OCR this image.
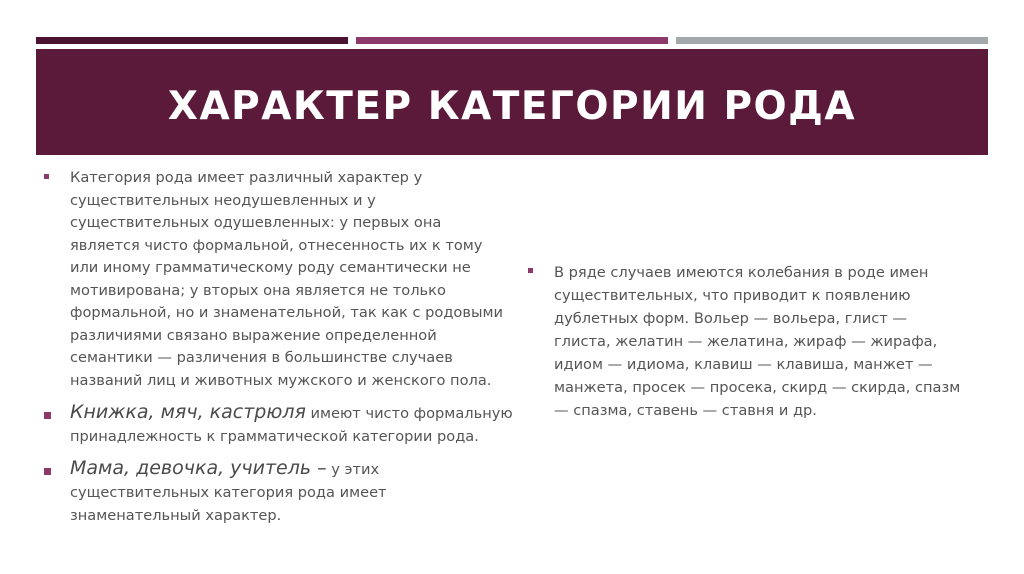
ХАРАКТЕР КАТЕГОРИИ РОДА
Категория рода имеет различный характер у существительных неодушевленных и у существительных одушевленных: у первых она является чисто формальной, отнесенность их к тому или иному грамматическому роду семантически не мотивирована; у вторых она является не только формальной, но и знаменательной, так как с родовыми различиями связано выражение определенной семантики — различения в большинстве случаев названий лиц и животных мужского и женского пола.
Книжка, мяч, кастрюля имеют чисто формальную принадлежность к грамматической категории рода.
Мама, девочка, учитель – у этих существительных категория рода имеет знаменательный характер.
В ряде случаев имеются колебания в роде имен существительных, что приводит к появлению дублетных форм. Вольер — вольера, глист — глиста, желатин — желатина, жираф — жирафа, идиом — идиома, клавиш — клавиша, манжет — манжета, просек — просека, скирд — скирда, спазм — спазма, ставень — ставня и др.
